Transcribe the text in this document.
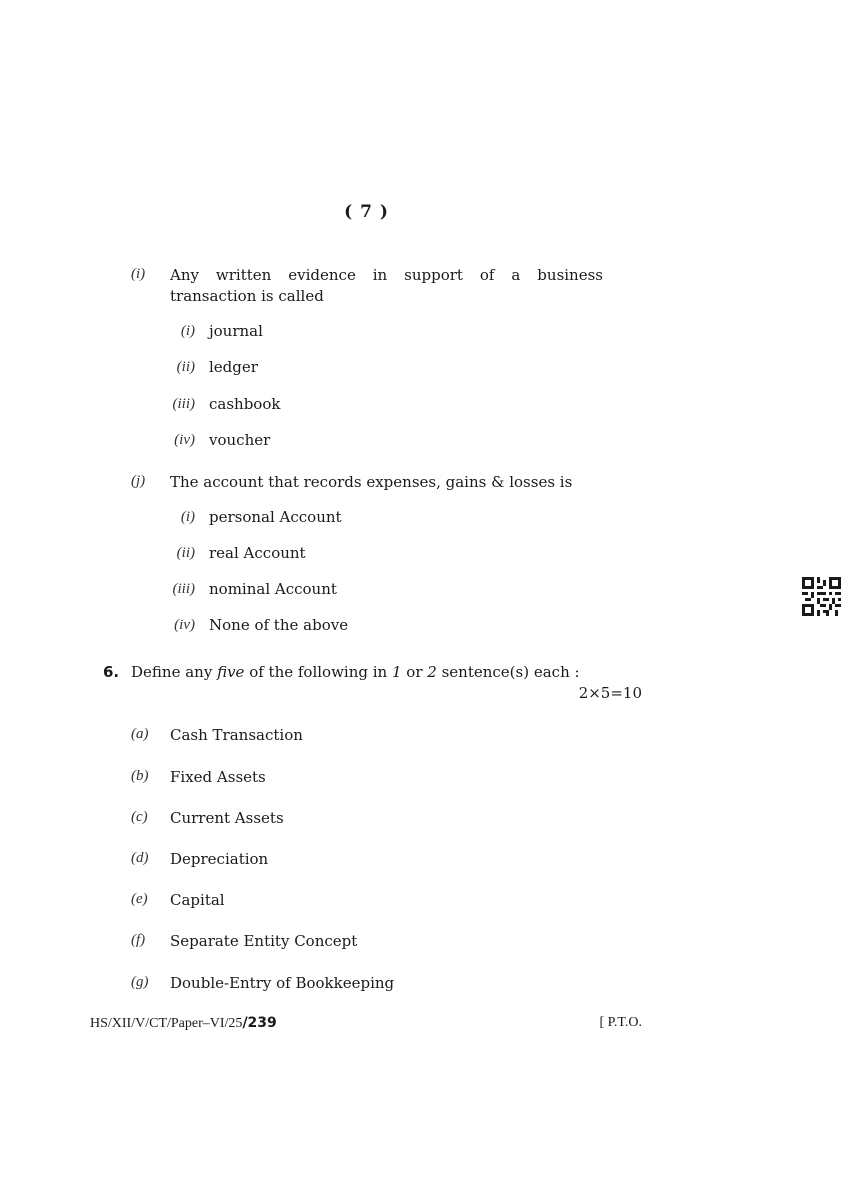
( 7 )
(i) Any written evidence in support of a business
transaction is called
(i) journal
(ii) ledger
(iii) cashbook
(iv) voucher
(j) The account that records expenses, gains & losses is
(i) personal Account
(ii) real Account
(iii) nominal Account
(iv) None of the above
6. Define any five of the following in 1 or 2 sentence(s) each :
2×5=10
(a) Cash Transaction
(b) Fixed Assets
(c) Current Assets
(d) Depreciation
(e) Capital
(f) Separate Entity Concept
(g) Double-Entry of Bookkeeping
HS/XII/V/CT/Paper–VI/25/239	[ P.T.O.
